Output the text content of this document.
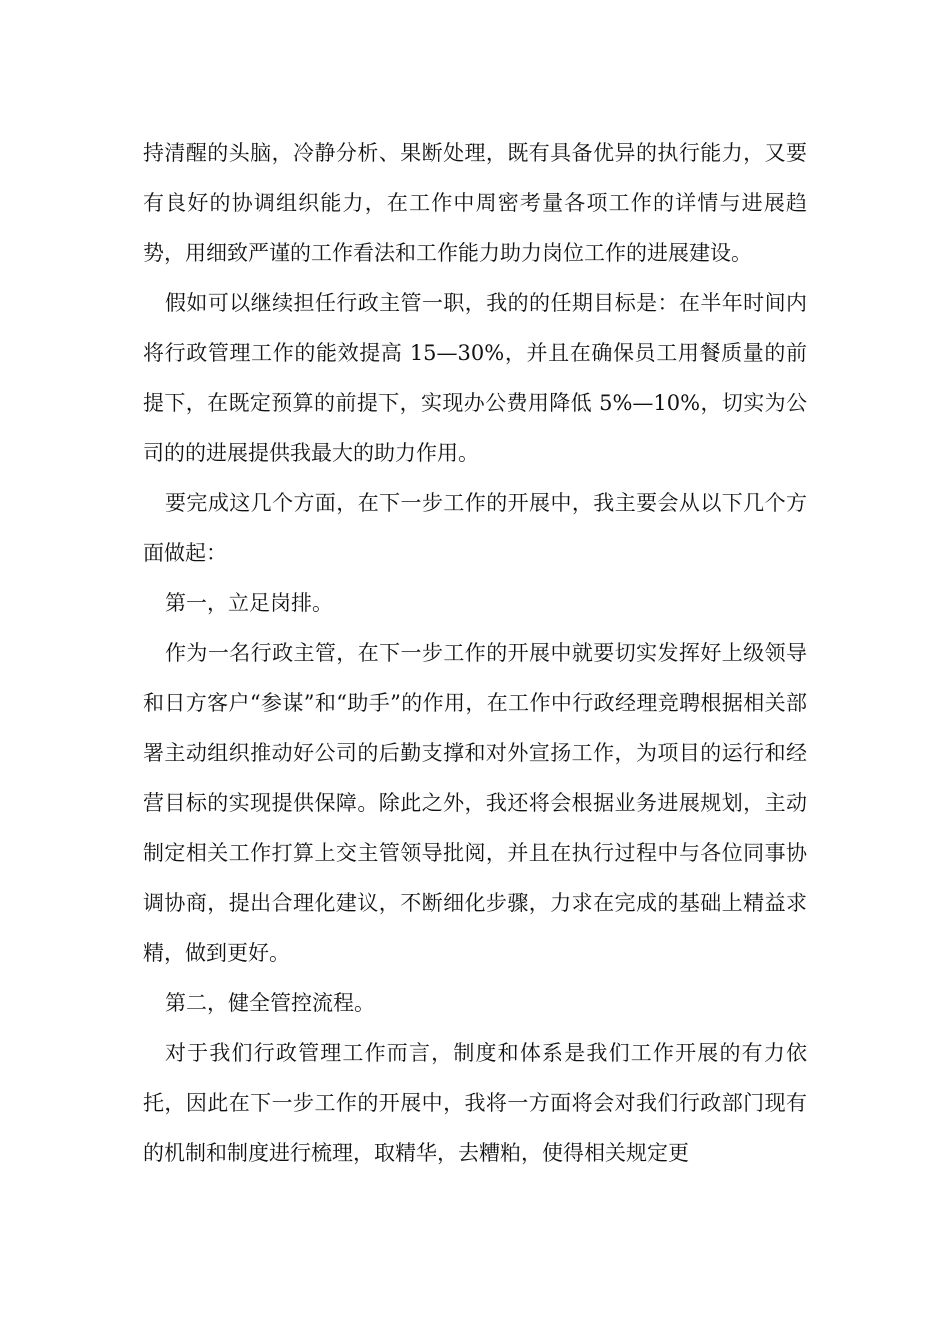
持清醒的头脑，冷静分析、果断处理，既有具备优异的执行能力，又要有良好的协调组织能力，在工作中周密考量各项工作的详情与进展趋势，用细致严谨的工作看法和工作能力助力岗位工作的进展建设。

假如可以继续担任行政主管一职，我的的任期目标是：在半年时间内将行政管理工作的能效提高 15—30%，并且在确保员工用餐质量的前提下，在既定预算的前提下，实现办公费用降低 5%—10%，切实为公司的的进展提供我最大的助力作用。

要完成这几个方面，在下一步工作的开展中，我主要会从以下几个方面做起：

第一，立足岗排。

作为一名行政主管，在下一步工作的开展中就要切实发挥好上级领导和日方客户“参谋”和“助手”的作用，在工作中行政经理竞聘根据相关部署主动组织推动好公司的后勤支撑和对外宣扬工作，为项目的运行和经营目标的实现提供保障。除此之外，我还将会根据业务进展规划，主动制定相关工作打算上交主管领导批阅，并且在执行过程中与各位同事协调协商，提出合理化建议，不断细化步骤，力求在完成的基础上精益求精，做到更好。

第二，健全管控流程。

对于我们行政管理工作而言，制度和体系是我们工作开展的有力依托，因此在下一步工作的开展中，我将一方面将会对我们行政部门现有的机制和制度进行梳理，取精华，去糟粕，使得相关规定更
